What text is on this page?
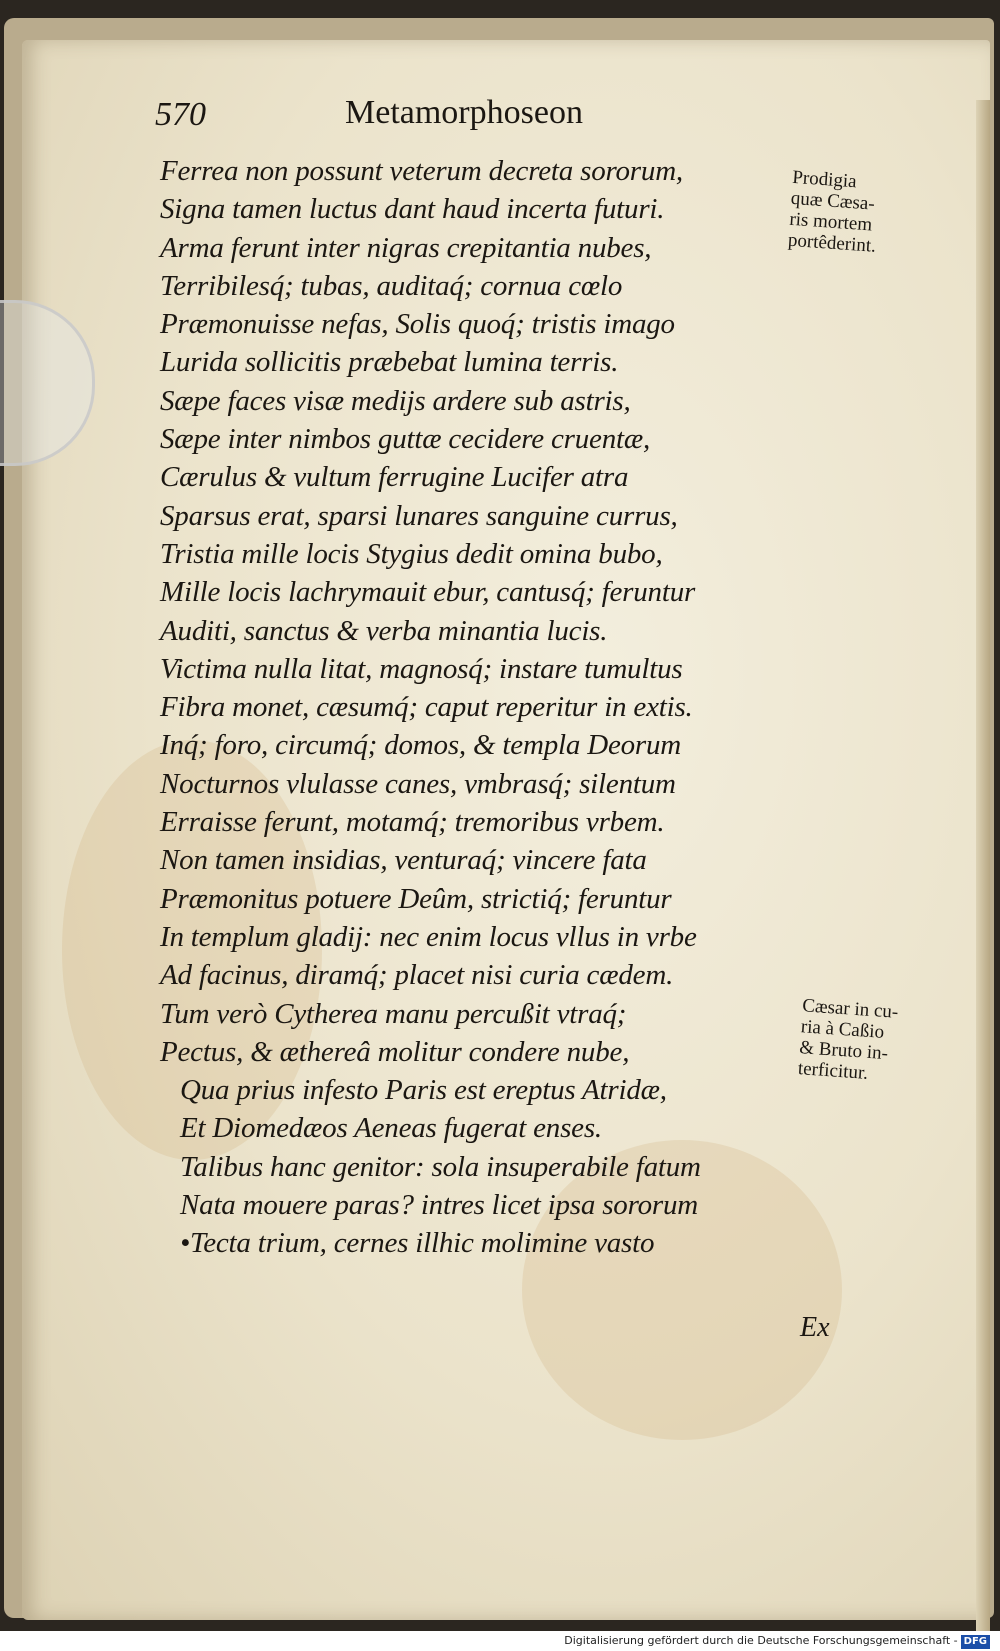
570	Metamorphoseon
Ferrea non possunt veterum decreta sororum,
Signa tamen luctus dant haud incerta futuri.
Arma ferunt inter nigras crepitantia nubes,
Terribilesq́; tubas, auditaq́; cornua cœlo
Præmonuisse nefas, Solis quoq́; tristis imago
Lurida sollicitis præbebat lumina terris.
Sæpe faces visæ medijs ardere sub astris,
Sæpe inter nimbos guttæ cecidere cruentæ,
Cærulus & vultum ferrugine Lucifer atra
Sparsus erat, sparsi lunares sanguine currus,
Tristia mille locis Stygius dedit omina bubo,
Mille locis lachrymauit ebur, cantusq́; feruntur
Auditi, sanctus & verba minantia lucis.
Victima nulla litat, magnosq́; instare tumultus
Fibra monet, cæsumq́; caput reperitur in extis.
Inq́; foro, circumq́; domos, & templa Deorum
Nocturnos vlulasse canes, vmbrasq́; silentum
Erraisse ferunt, motamq́; tremoribus vrbem.
Non tamen insidias, venturaq́; vincere fata
Præmonitus potuere Deûm, strictiq́; feruntur
In templum gladij: nec enim locus vllus in vrbe
Ad facinus, diramq́; placet nisi curia cædem.
Tum verò Cytherea manu percußit vtraq́;
Pectus, & æthereâ molitur condere nube,
Qua prius infesto Paris est ereptus Atridæ,
Et Diomedæos Aeneas fugerat enses.
Talibus hanc genitor: sola insuperabile fatum
Nata mouere paras? intres licet ipsa sororum
•Tecta trium, cernes illhic molimine vasto
Prodigia
quæ Cæsa-
ris mortem
portêderint.
Cæsar in cu-
ria à Caßio
& Bruto in-
terficitur.
Ex
Digitalisierung gefördert durch die Deutsche Forschungsgemeinschaft - DFG
